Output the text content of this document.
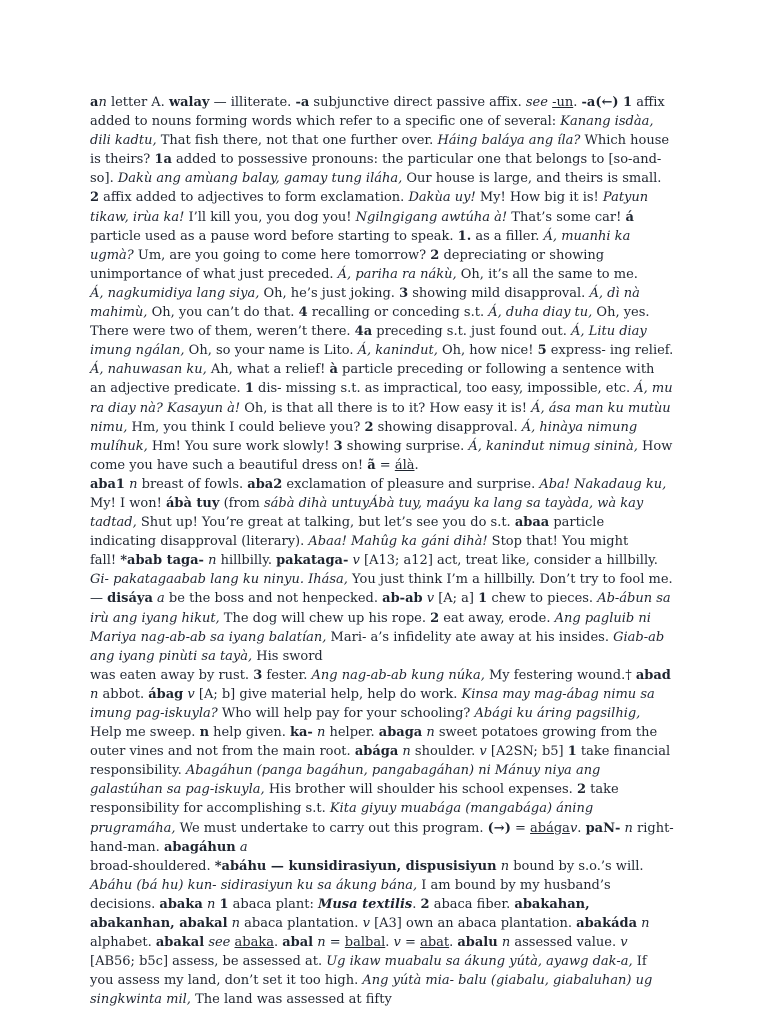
an letter A. walay — illiterate. -a subjunctive direct passive affix. see -un. -a(←) 1 affix added to nouns forming words which refer to a specific one of several: Kanang isdàa, dili kadtu, That fish there, not that one further over. Háing baláya ang íla? Which house is theirs? 1a added to possessive pronouns: the particular one that belongs to [so-and-so]. Dakù ang amùang balay, gamay tung iláha, Our house is large, and theirs is small. 2 affix added to adjectives to form exclamation. Dakùa uy! My! How big it is! Patyun tikaw, irùa ka! I’ll kill you, you dog you! Ngilngigang awtúha à! That’s some car! á particle used as a pause word before starting to speak. 1. as a filler. Á, muanhi ka ugmà? Um, are you going to come here tomorrow? 2 depreciating or showing unimportance of what just preceded. Á, pariha ra nákù, Oh, it’s all the same to me.

Á, nagkumidiya lang siya, Oh, he’s just joking. 3 showing mild disapproval. Á, dì nà mahimù, Oh, you can’t do that. 4 recalling or conceding s.t. Á, duha diay tu, Oh, yes. There were two of them, weren’t there. 4a preceding s.t. just found out. Á, Litu diay imung ngálan, Oh, so your name is Lito. Á, kanindut, Oh, how nice! 5 express- ing relief. Á, nahuwasan ku, Ah, what a relief! à particle preceding or following a sentence with an adjective predicate. 1 dis- missing s.t. as impractical, too easy, impossible, etc. Á, mu ra diay nà? Kasayun à! Oh, is that all there is to it? How easy it is! Á, ása man ku mutùu nimu, Hm, you think I could believe you? 2 showing disapproval. Á, hinàya nimung mulíhuk, Hm! You sure work slowly! 3 showing surprise. Á, kanindut nimug sininà, How come you have such a beautiful dress on! ã = álà.

aba1 n breast of fowls. aba2 exclamation of pleasure and surprise. Aba! Nakadaug ku, My! I won! ábà tuy (from sábà dihà untuyÁbà tuy, maáyu ka lang sa tayàda, wà kay tadtad, Shut up! You’re great at talking, but let’s see you do s.t. abaa particle indicating disapproval (literary). Abaa! Mahûg ka gáni dihà! Stop that! You might

fall! *abab taga- n hillbilly. pakataga- v [A13; a12] act, treat like, consider a hillbilly. Gi- pakatagaabab lang ku ninyu. Ihása, You just think I’m a hillbilly. Don’t try to fool me. — disáya a be the boss and not henpecked. ab-ab v [A; a] 1 chew to pieces. Ab-ábun sa irù ang iyang hikut, The dog will chew up his rope. 2 eat away, erode. Ang pagluib ni Mariya nag-ab-ab sa iyang balatían, Mari- a’s infidelity ate away at his insides. Giab-ab ang iyang pinùti sa tayà, His sword

was eaten away by rust. 3 fester. Ang nag-ab-ab kung núka, My festering wound.† abad n abbot. ábag v [A; b] give material help, help do work. Kinsa may mag-ábag nimu sa imung pag-iskuyla? Who will help pay for your schooling? Abági ku áring pagsilhig, Help me sweep. n help given. ka- n helper. abaga n sweet potatoes growing from the outer vines and not from the main root. abága n shoulder. v [A2SN; b5] 1 take financial responsibility. Abagáhun (panga bagáhun, pangabagáhan) ni Mánuy niya ang galastúhan sa pag-iskuyla, His brother will shoulder his school expenses. 2 take responsibility for accomplishing s.t. Kita giyuy muabága (mangabága) áning prugramáha, We must undertake to carry out this program. (→) = abágav. paN- n right-hand-man. abagáhun a

broad-shouldered. *abáhu — kunsidirasiyun, dispusisiyun n bound by s.o.’s will. Abáhu (bá hu) kun- sidirasiyun ku sa ákung bána, I am bound by my husband’s decisions. abaka n 1 abaca plant: Musa textilis. 2 abaca fiber. abakahan, abakanhan, abakal n abaca plantation. v [A3] own an abaca plantation. abakáda n alphabet. abakal see abaka. abal n = balbal. v = abat. abalu n assessed value. v [AB56; b5c] assess, be assessed at. Ug ikaw muabalu sa ákung yútà, ayawg dak-a, If you assess my land, don’t set it too high. Ang yútà mia- balu (giabalu, giabaluhan) ug singkwinta mil, The land was assessed at fifty
